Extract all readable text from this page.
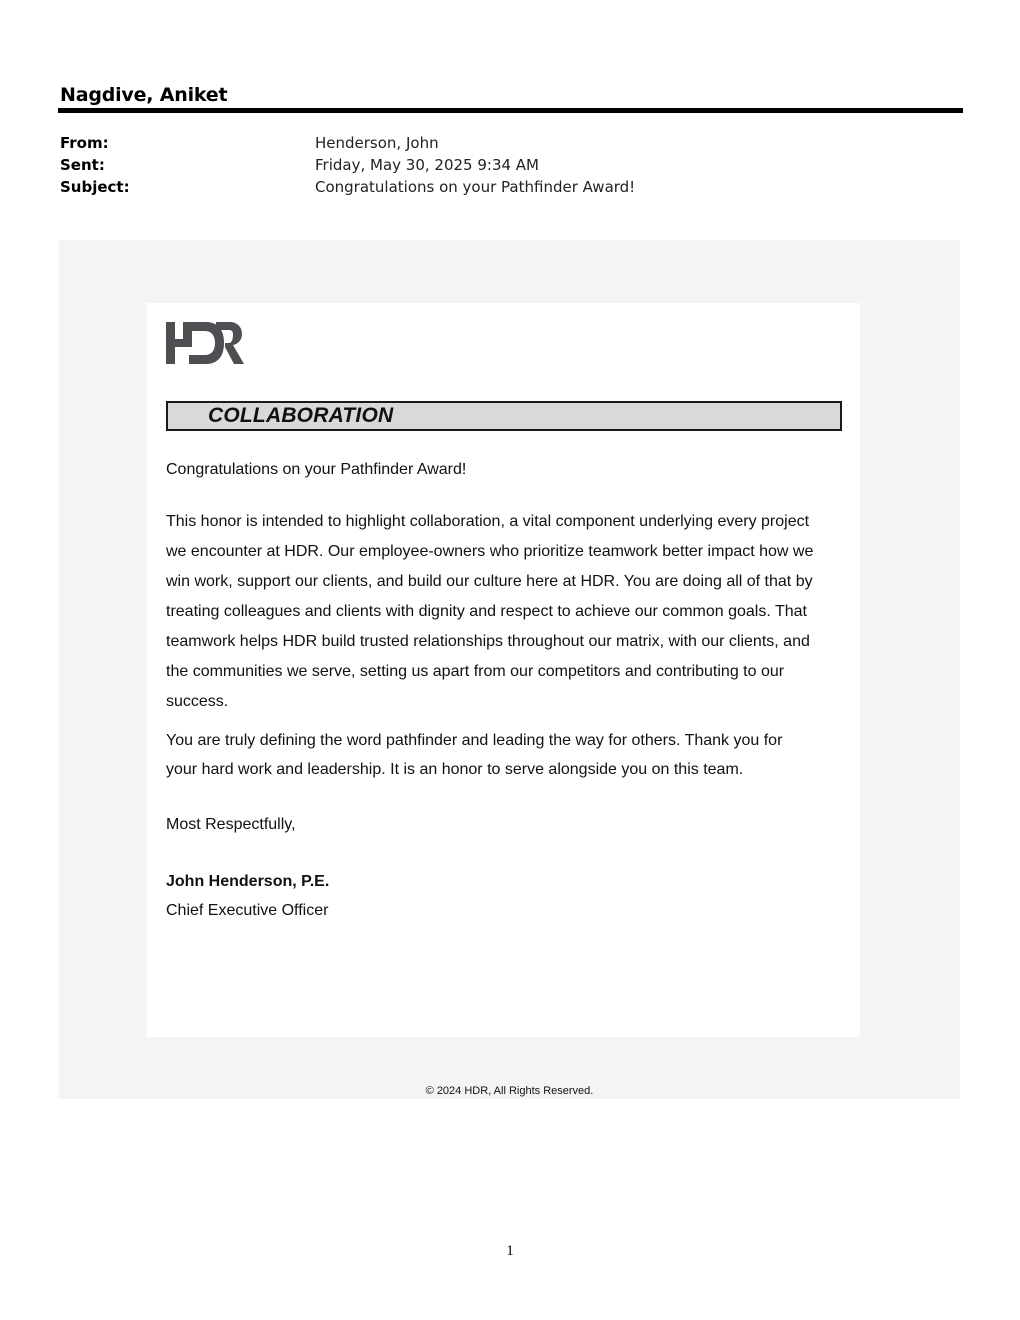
Nagdive, Aniket
From:	Henderson, John
Sent:	Friday, May 30, 2025 9:34 AM
Subject:	Congratulations on your Pathfinder Award!
COLLABORATION
Congratulations on your Pathfinder Award!
This honor is intended to highlight collaboration, a vital component underlying every project
we encounter at HDR. Our employee-owners who prioritize teamwork better impact how we
win work, support our clients, and build our culture here at HDR. You are doing all of that by
treating colleagues and clients with dignity and respect to achieve our common goals. That
teamwork helps HDR build trusted relationships throughout our matrix, with our clients, and
the communities we serve, setting us apart from our competitors and contributing to our
success.
You are truly defining the word pathfinder and leading the way for others. Thank you for
your hard work and leadership. It is an honor to serve alongside you on this team.
Most Respectfully,
John Henderson, P.E.
Chief Executive Officer
© 2024 HDR, All Rights Reserved.
1
